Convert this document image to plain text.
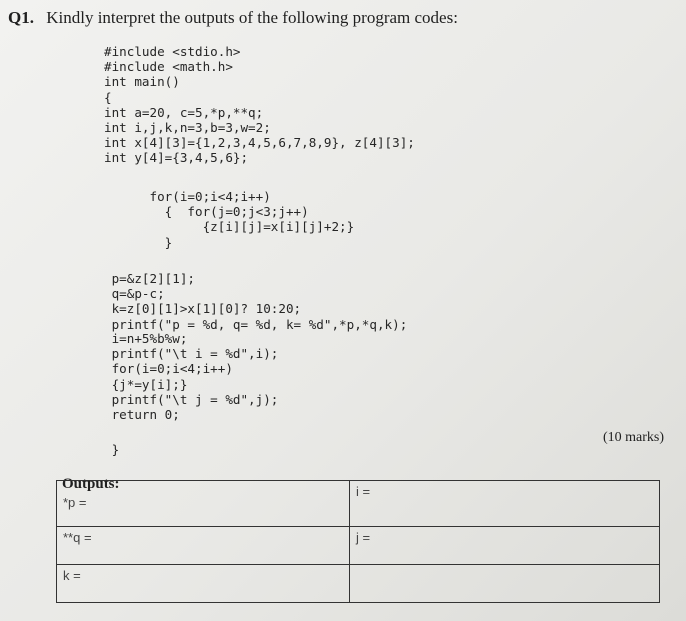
Q1. Kindly interpret the outputs of the following program codes:
#include <stdio.h>
#include <math.h>
int main()
{
int a=20, c=5,*p,**q;
int i,j,k,n=3,b=3,w=2;
int x[4][3]={1,2,3,4,5,6,7,8,9}, z[4][3];
int y[4]={3,4,5,6};
for(i=0;i<4;i++)
{  for(j=0;j<3;j++)
{z[i][j]=x[i][j]+2;}
}
p=&z[2][1];
q=&p-c;
k=z[0][1]>x[1][0]? 10:20;
printf("p = %d, q= %d, k= %d",*p,*q,k);
i=n+5%b%w;
printf("\t i = %d",i);
for(i=0;i<4;i++)
{j*=y[i];}
printf("\t j = %d",j);
return 0;
}
(10 marks)
Outputs:
*p =	i =
**q =	j =
k =	
